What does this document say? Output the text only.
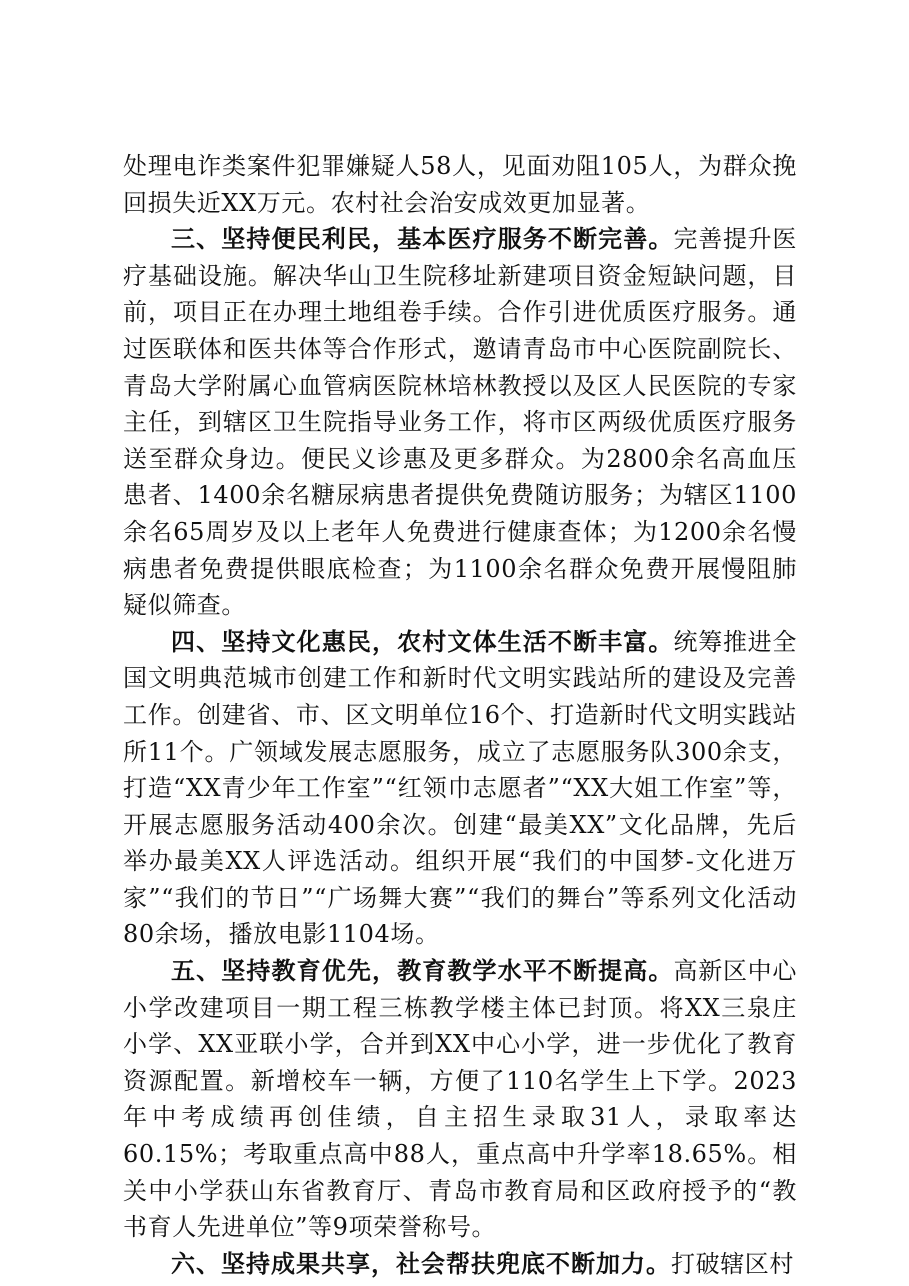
处理电诈类案件犯罪嫌疑人58人，见面劝阻105人，为群众挽回损失近XX万元。农村社会治安成效更加显著。

三、坚持便民利民，基本医疗服务不断完善。完善提升医疗基础设施。解决华山卫生院移址新建项目资金短缺问题，目前，项目正在办理土地组卷手续。合作引进优质医疗服务。通过医联体和医共体等合作形式，邀请青岛市中心医院副院长、青岛大学附属心血管病医院林培林教授以及区人民医院的专家主任，到辖区卫生院指导业务工作，将市区两级优质医疗服务送至群众身边。便民义诊惠及更多群众。为2800余名高血压患者、1400余名糖尿病患者提供免费随访服务；为辖区1100余名65周岁及以上老年人免费进行健康查体；为1200余名慢病患者免费提供眼底检查；为1100余名群众免费开展慢阻肺疑似筛查。

四、坚持文化惠民，农村文体生活不断丰富。统筹推进全国文明典范城市创建工作和新时代文明实践站所的建设及完善工作。创建省、市、区文明单位16个、打造新时代文明实践站所11个。广领域发展志愿服务，成立了志愿服务队300余支，打造“XX青少年工作室”“红领巾志愿者”“XX大姐工作室”等，开展志愿服务活动400余次。创建“最美XX”文化品牌，先后举办最美XX人评选活动。组织开展“我们的中国梦-文化进万家”“我们的节日”“广场舞大赛”“我们的舞台”等系列文化活动80余场，播放电影1104场。

五、坚持教育优先，教育教学水平不断提高。高新区中心小学改建项目一期工程三栋教学楼主体已封顶。将XX三泉庄小学、XX亚联小学，合并到XX中心小学，进一步优化了教育资源配置。新增校车一辆，方便了110名学生上下学。2023年中考成绩再创佳绩，自主招生录取31人，录取率达60.15%；考取重点高中88人，重点高中升学率18.65%。相关中小学获山东省教育厅、青岛市教育局和区政府授予的“教书育人先进单位”等9项荣誉称号。

六、坚持成果共享，社会帮扶兜底不断加力。打破辖区村
